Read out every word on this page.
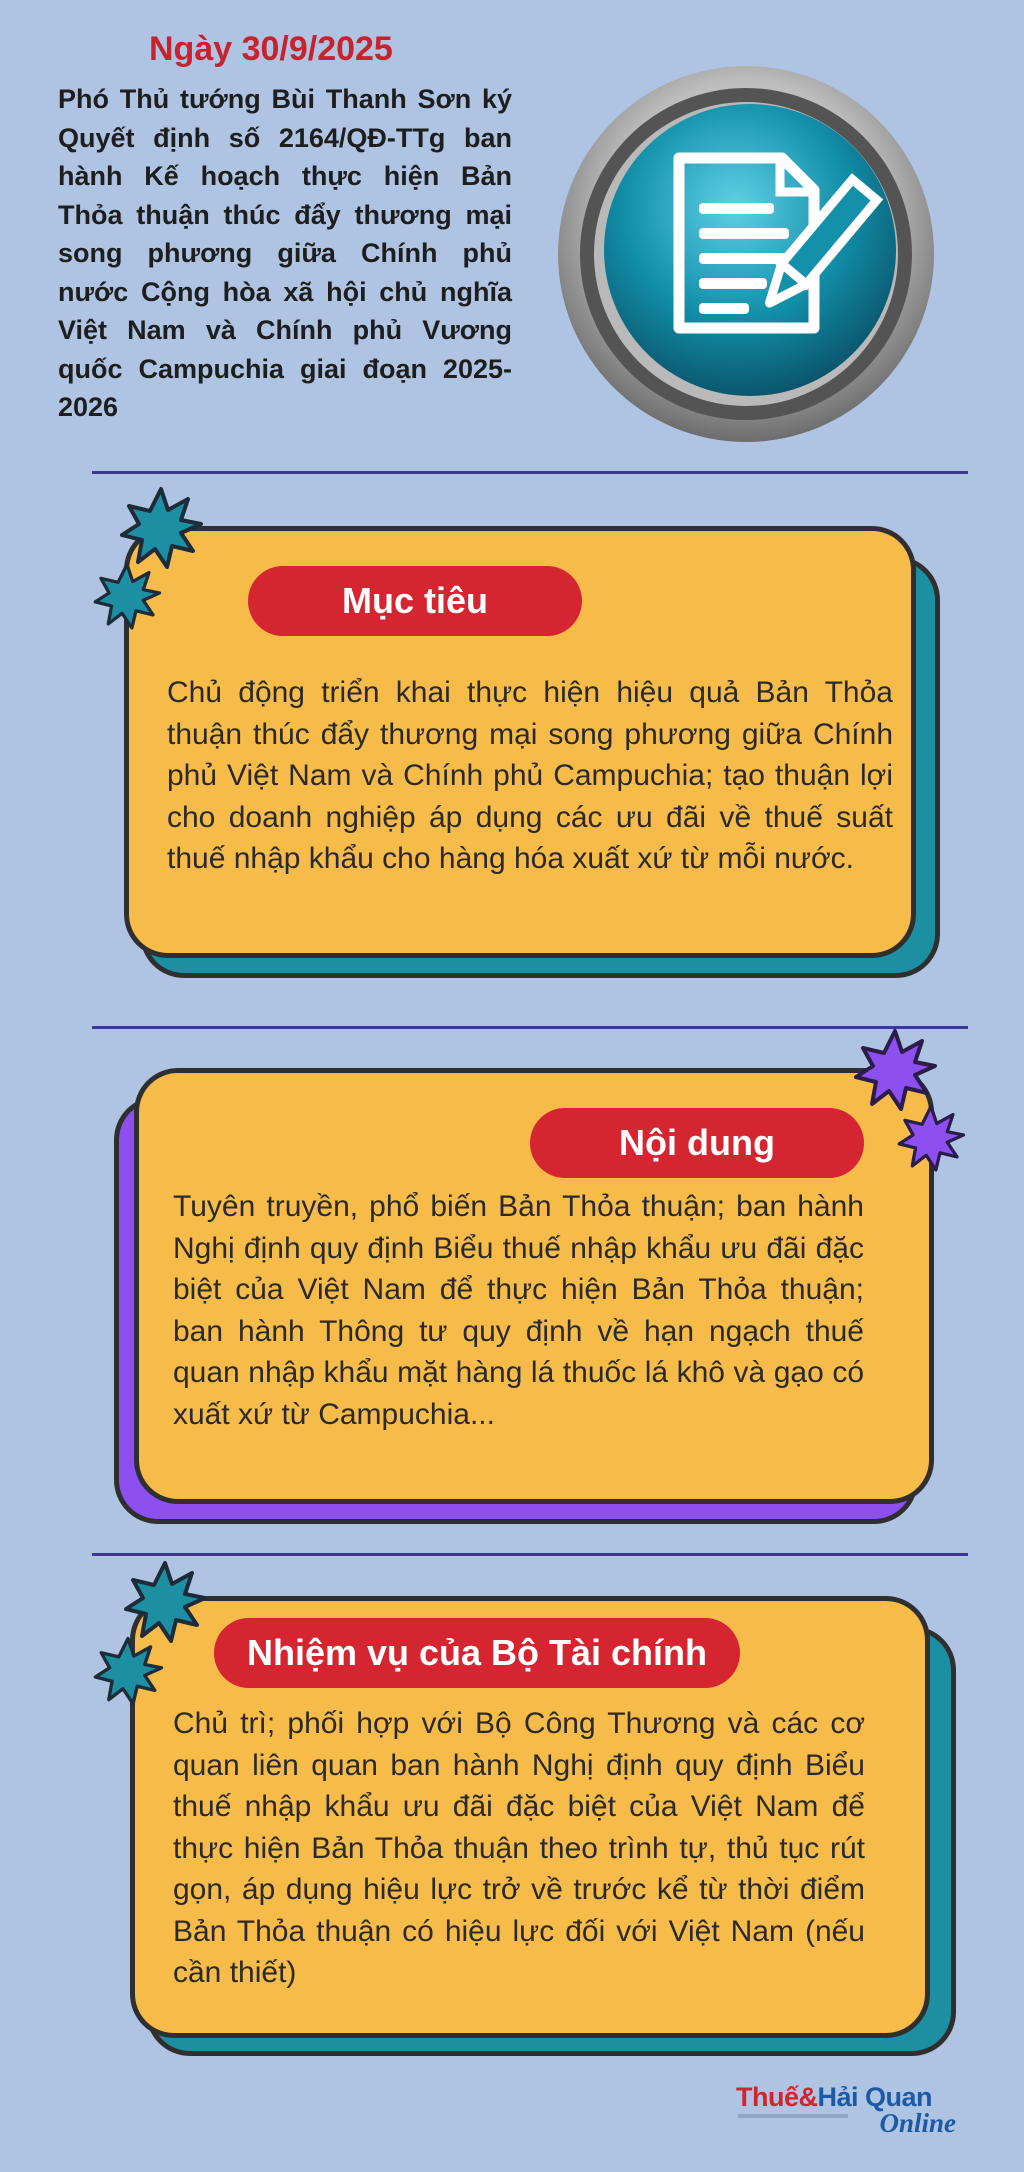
Ngày 30/9/2025
Phó Thủ tướng Bùi Thanh Sơn ký Quyết định số 2164/QĐ-TTg ban hành Kế hoạch thực hiện Bản Thỏa thuận thúc đẩy thương mại song phương giữa Chính phủ nước Cộng hòa xã hội chủ nghĩa Việt Nam và Chính phủ Vương quốc Campuchia giai đoạn 2025-2026
Mục tiêu
Chủ động triển khai thực hiện hiệu quả Bản Thỏa thuận thúc đẩy thương mại song phương giữa Chính phủ Việt Nam và Chính phủ Campuchia; tạo thuận lợi cho doanh nghiệp áp dụng các ưu đãi về thuế suất thuế nhập khẩu cho hàng hóa xuất xứ từ mỗi nước.
Nội dung
Tuyên truyền, phổ biến Bản Thỏa thuận; ban hành Nghị định quy định Biểu thuế nhập khẩu ưu đãi đặc biệt của Việt Nam để thực hiện Bản Thỏa thuận; ban hành Thông tư quy định về hạn ngạch thuế quan nhập khẩu mặt hàng lá thuốc lá khô và gạo có xuất xứ từ Campuchia...
Nhiệm vụ của Bộ Tài chính
Chủ trì; phối hợp với Bộ Công Thương và các cơ quan liên quan ban hành Nghị định quy định Biểu thuế nhập khẩu ưu đãi đặc biệt của Việt Nam để thực hiện Bản Thỏa thuận theo trình tự, thủ tục rút gọn, áp dụng hiệu lực trở về trước kể từ thời điểm Bản Thỏa thuận có hiệu lực đối với Việt Nam (nếu cần thiết)
Thuế&Hải Quan
Online
